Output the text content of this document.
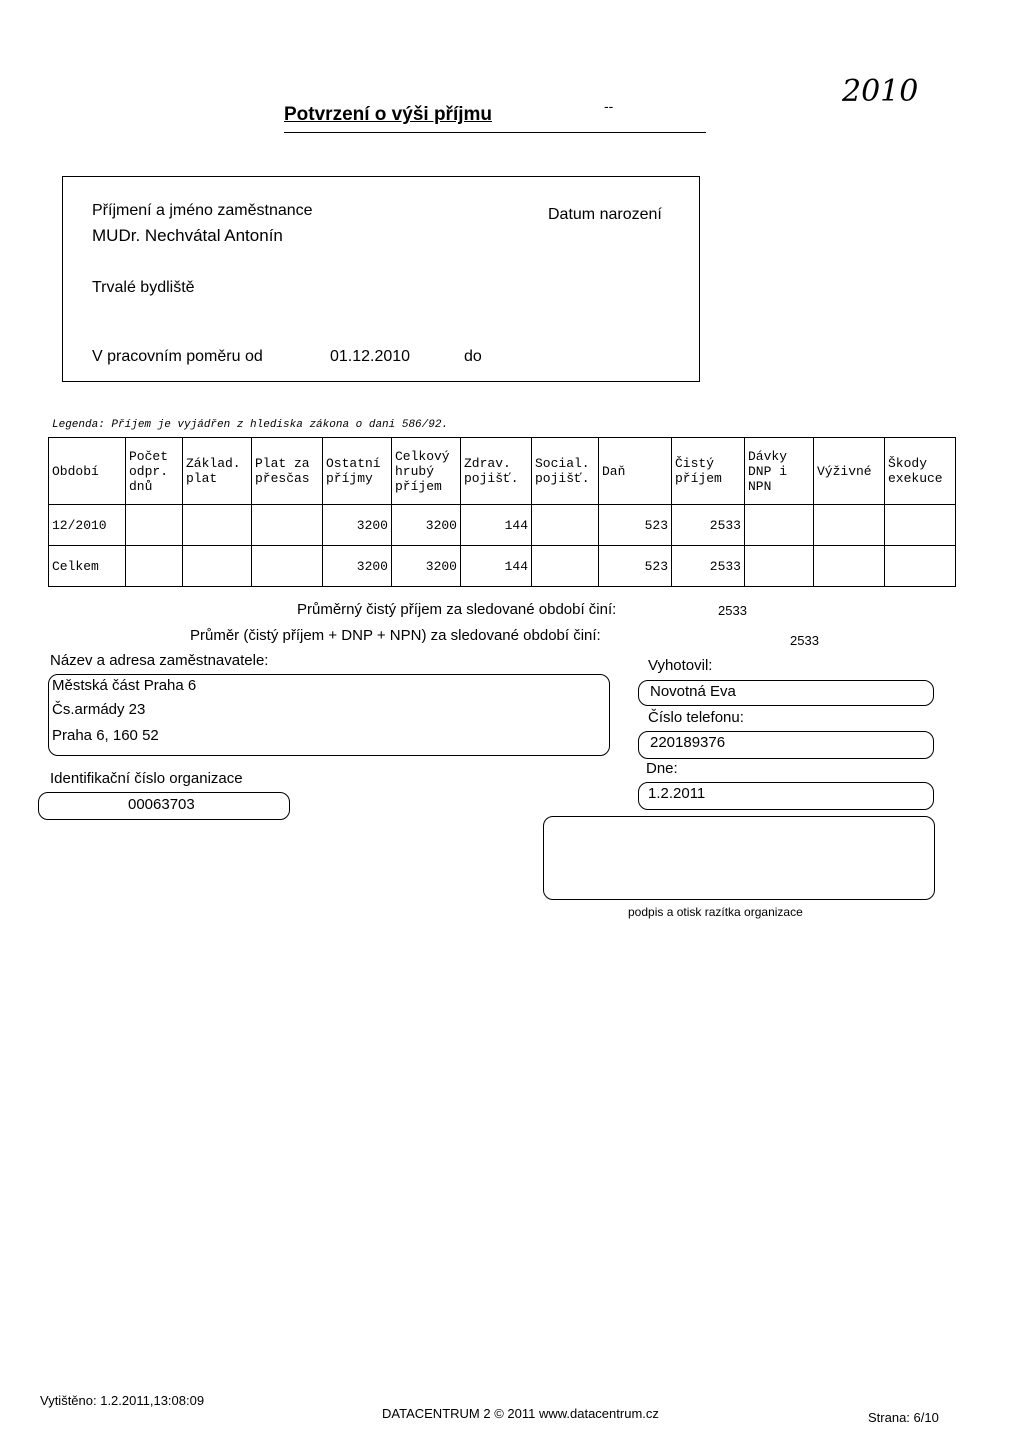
Potvrzení o výši příjmu	--	2010
Příjmení a jméno zaměstnance
MUDr. Nechvátal Antonín
Datum narození
Trvalé bydliště
V pracovním poměru od	01.12.2010	do
Legenda: Příjem je vyjádřen z hlediska zákona o dani 586/92.
Období	Počet odpr. dnů	Základ. plat	Plat za přesčas	Ostatní příjmy	Celkový hrubý příjem	Zdrav. pojišť.	Social. pojišť.	Daň	Čistý příjem	Dávky DNP i NPN	Výživné	Škody exekuce
12/2010				3200	3200	144		523	2533			
Celkem				3200	3200	144		523	2533			
Průměrný čistý příjem za sledované období činí:	2533
Průměr (čistý příjem + DNP + NPN) za sledované období činí:	2533
Název a adresa zaměstnavatele:
Městská část Praha 6
Čs.armády 23
Praha 6, 160 52
Identifikační číslo organizace
00063703
Vyhotovil:
Novotná Eva
Číslo telefonu:
220189376
Dne:
1.2.2011
podpis a otisk razítka organizace
Vytištěno: 1.2.2011,13:08:09
DATACENTRUM 2 © 2011 www.datacentrum.cz	Strana: 6/10
